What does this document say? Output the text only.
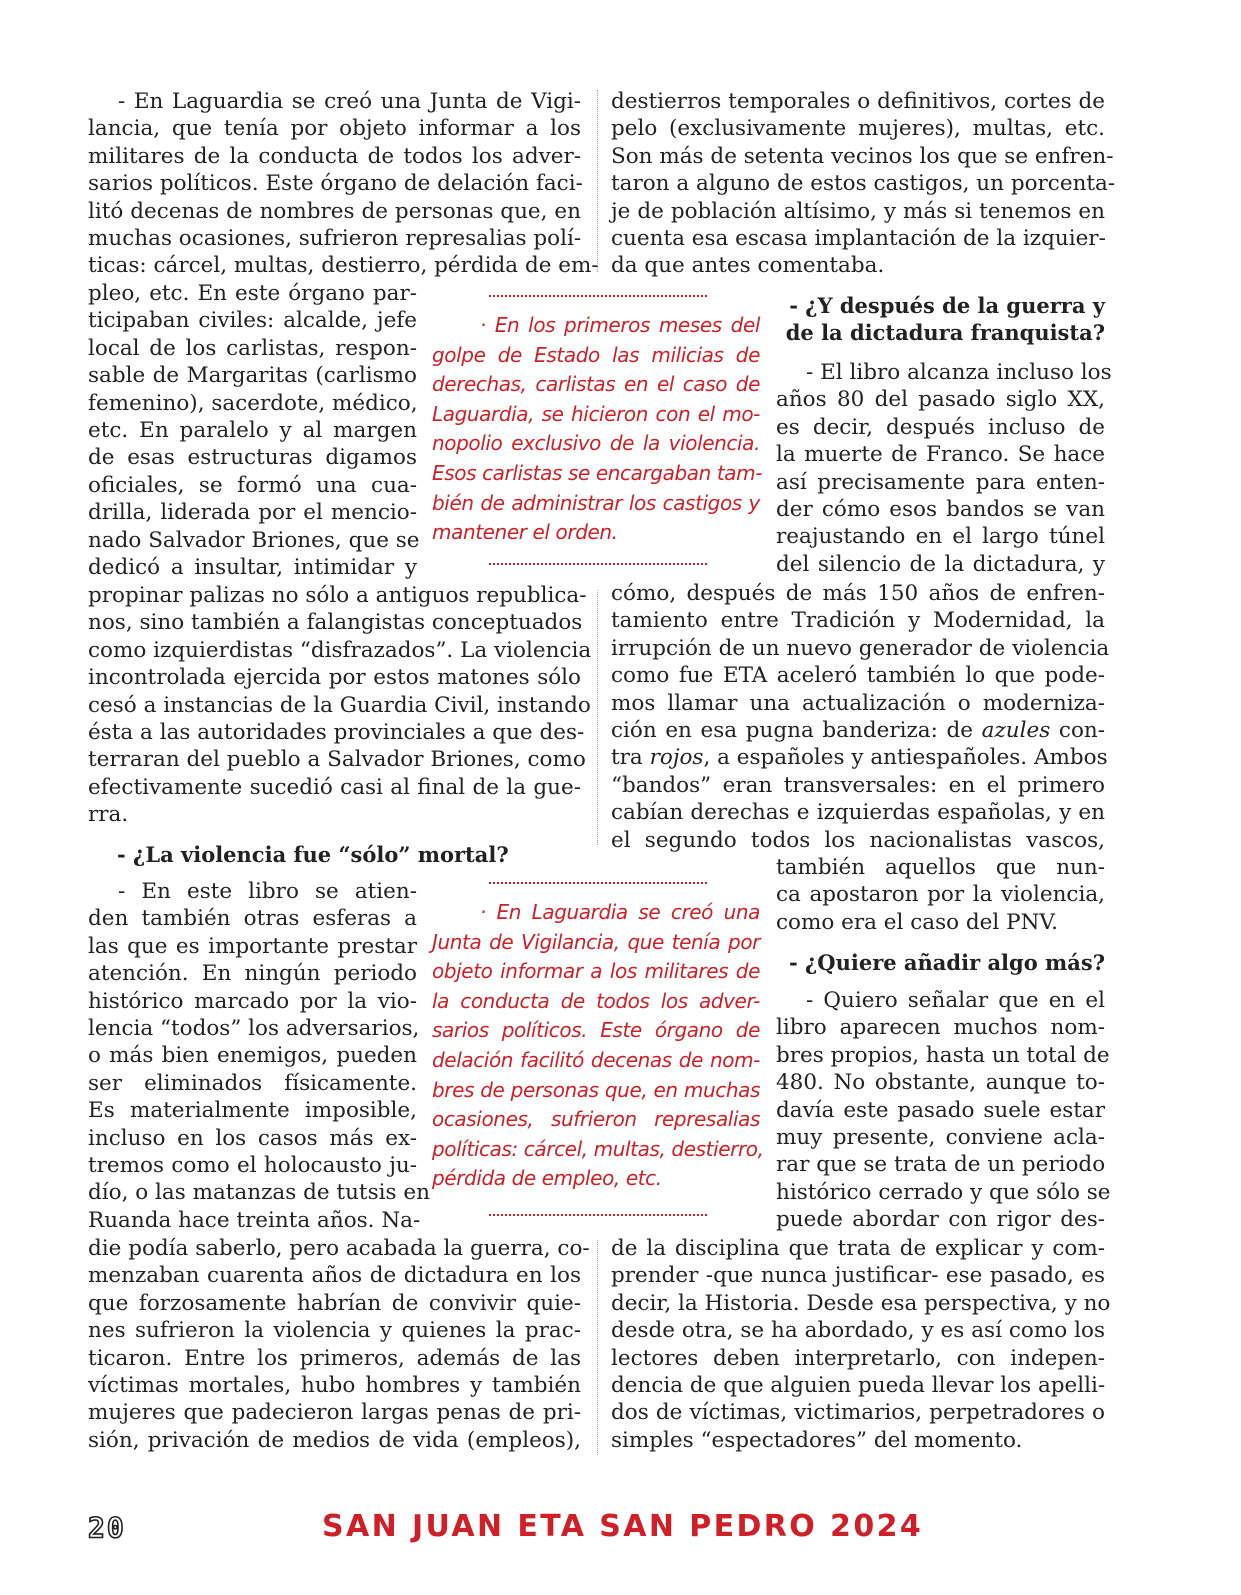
- En Laguardia se creó una Junta de Vigi-
lancia, que tenía por objeto informar a los
militares de la conducta de todos los adver-
sarios políticos. Este órgano de delación faci-
litó decenas de nombres de personas que, en
muchas ocasiones, sufrieron represalias polí-
ticas: cárcel, multas, destierro, pérdida de em-
pleo, etc. En este órgano par-
ticipaban civiles: alcalde, jefe
local de los carlistas, respon-
sable de Margaritas (carlismo
femenino), sacerdote, médico,
etc. En paralelo y al margen
de esas estructuras digamos
oficiales, se formó una cua-
drilla, liderada por el mencio-
nado Salvador Briones, que se
dedicó a insultar, intimidar y
propinar palizas no sólo a antiguos republica-
nos, sino también a falangistas conceptuados
como izquierdistas “disfrazados”. La violencia
incontrolada ejercida por estos matones sólo
cesó a instancias de la Guardia Civil, instando
ésta a las autoridades provinciales a que des-
terraran del pueblo a Salvador Briones, como
efectivamente sucedió casi al final de la gue-
rra.
- ¿La violencia fue “sólo” mortal?
- En este libro se atien-
den también otras esferas a
las que es importante prestar
atención. En ningún periodo
histórico marcado por la vio-
lencia “todos” los adversarios,
o más bien enemigos, pueden
ser eliminados físicamente.
Es materialmente imposible,
incluso en los casos más ex-
tremos como el holocausto ju-
dío, o las matanzas de tutsis en
Ruanda hace treinta años. Na-
die podía saberlo, pero acabada la guerra, co-
menzaban cuarenta años de dictadura en los
que forzosamente habrían de convivir quie-
nes sufrieron la violencia y quienes la prac-
ticaron. Entre los primeros, además de las
víctimas mortales, hubo hombres y también
mujeres que padecieron largas penas de pri-
sión, privación de medios de vida (empleos),
destierros temporales o definitivos, cortes de
pelo (exclusivamente mujeres), multas, etc.
Son más de setenta vecinos los que se enfren-
taron a alguno de estos castigos, un porcenta-
je de población altísimo, y más si tenemos en
cuenta esa escasa implantación de la izquier-
da que antes comentaba.
- ¿Y después de la guerra y
de la dictadura franquista?
- El libro alcanza incluso los
años 80 del pasado siglo XX,
es decir, después incluso de
la muerte de Franco. Se hace
así precisamente para enten-
der cómo esos bandos se van
reajustando en el largo túnel
del silencio de la dictadura, y
cómo, después de más 150 años de enfren-
tamiento entre Tradición y Modernidad, la
irrupción de un nuevo generador de violencia
como fue ETA aceleró también lo que pode-
mos llamar una actualización o moderniza-
ción en esa pugna banderiza: de azules con-
tra rojos, a españoles y antiespañoles. Ambos
“bandos” eran transversales: en el primero
cabían derechas e izquierdas españolas, y en
el segundo todos los nacionalistas vascos,
también aquellos que nun-
ca apostaron por la violencia,
como era el caso del PNV.
- ¿Quiere añadir algo más?
- Quiero señalar que en el
libro aparecen muchos nom-
bres propios, hasta un total de
480. No obstante, aunque to-
davía este pasado suele estar
muy presente, conviene acla-
rar que se trata de un periodo
histórico cerrado y que sólo se
puede abordar con rigor des-
de la disciplina que trata de explicar y com-
prender -que nunca justificar- ese pasado, es
decir, la Historia. Desde esa perspectiva, y no
desde otra, se ha abordado, y es así como los
lectores deben interpretarlo, con indepen-
dencia de que alguien pueda llevar los apelli-
dos de víctimas, victimarios, perpetradores o
simples “espectadores” del momento.
· En los primeros meses del
golpe de Estado las milicias de
derechas, carlistas en el caso de
Laguardia, se hicieron con el mo-
nopolio exclusivo de la violencia.
Esos carlistas se encargaban tam-
bién de administrar los castigos y
mantener el orden.
· En Laguardia se creó una
Junta de Vigilancia, que tenía por
objeto informar a los militares de
la conducta de todos los adver-
sarios políticos. Este órgano de
delación facilitó decenas de nom-
bres de personas que, en muchas
ocasiones, sufrieron represalias
políticas: cárcel, multas, destierro,
pérdida de empleo, etc.
20	SAN JUAN ETA SAN PEDRO 2024
